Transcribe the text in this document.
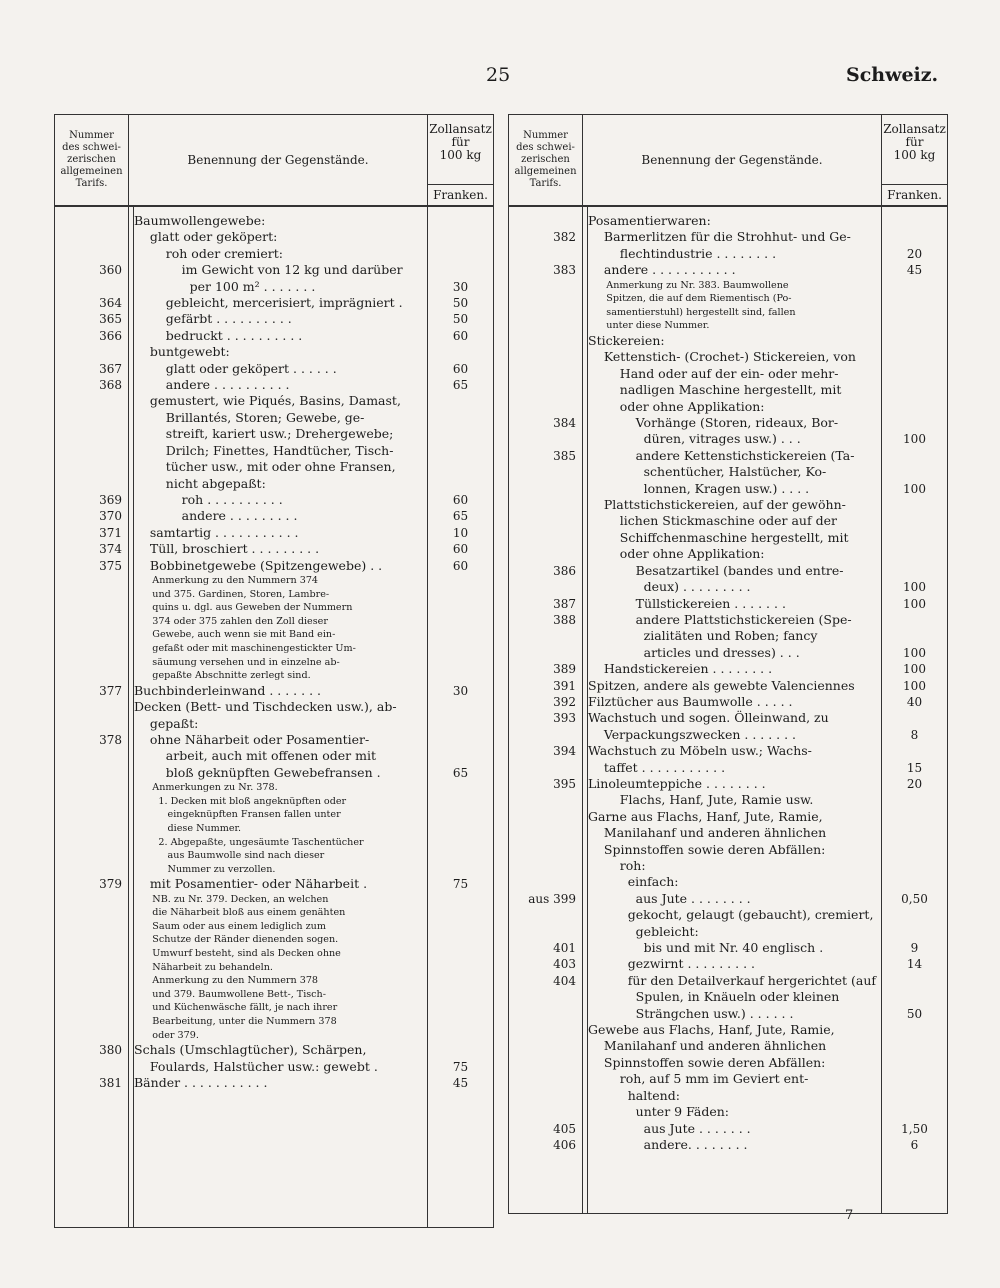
25	Schweiz.
Nummer
des schwei-
zerischen
allgemeinen
Tarifs.
Benennung der Gegenstände.
Zollansatz
für
100 kg
Franken.
Baumwollengewebe:
glatt oder geköpert:
roh oder cremiert:
360 im Gewicht von 12 kg und darüber
per 100 m² . . . . . . .	30
364 gebleicht, mercerisiert, imprägniert .	50
365 gefärbt . . . . . . . . . .	50
366 bedruckt . . . . . . . . . .	60
buntgewebt:
367 glatt oder geköpert . . . . . .	60
368 andere . . . . . . . . . .	65
gemustert, wie Piqués, Basins, Damast,
Brillantés, Storen; Gewebe, ge-
streift, kariert usw.; Drehergewebe;
Drilch; Finettes, Handtücher, Tisch-
tücher usw., mit oder ohne Fransen,
nicht abgepaßt:
369 roh . . . . . . . . . .	60
370 andere . . . . . . . . .	65
371 samtartig . . . . . . . . . . .	10
374 Tüll, broschiert . . . . . . . . .	60
375 Bobbinetgewebe (Spitzengewebe) . .	60
Anmerkung zu den Nummern 374
und 375. Gardinen, Storen, Lambre-
quins u. dgl. aus Geweben der Nummern
374 oder 375 zahlen den Zoll dieser
Gewebe, auch wenn sie mit Band ein-
gefaßt oder mit maschinengestickter Um-
säumung versehen und in einzelne ab-
gepaßte Abschnitte zerlegt sind.
377 Buchbinderleinwand . . . . . . .	30
Decken (Bett- und Tischdecken usw.), ab-
gepaßt:
378 ohne Näharbeit oder Posamentier-
arbeit, auch mit offenen oder mit
bloß geknüpften Gewebefransen .	65
Anmerkungen zu Nr. 378.
1. Decken mit bloß angeknüpften oder
eingeknüpften Fransen fallen unter
diese Nummer.
2. Abgepaßte, ungesäumte Taschentücher
aus Baumwolle sind nach dieser
Nummer zu verzollen.
379 mit Posamentier- oder Näharbeit .	75
NB. zu Nr. 379. Decken, an welchen
die Näharbeit bloß aus einem genähten
Saum oder aus einem lediglich zum
Schutze der Ränder dienenden sogen.
Umwurf besteht, sind als Decken ohne
Näharbeit zu behandeln.
Anmerkung zu den Nummern 378
und 379. Baumwollene Bett-, Tisch-
und Küchenwäsche fällt, je nach ihrer
Bearbeitung, unter die Nummern 378
oder 379.
380 Schals (Umschlagtücher), Schärpen,
Foulards, Halstücher usw.: gewebt .	75
381 Bänder . . . . . . . . . . .	45
Nummer
des schwei-
zerischen
allgemeinen
Tarifs.
Benennung der Gegenstände.
Zollansatz
für
100 kg
Franken.
Posamentierwaren:
382 Barmerlitzen für die Strohhut- und Ge-
flechtindustrie . . . . . . . .	20
383 andere . . . . . . . . . . .	45
Anmerkung zu Nr. 383. Baumwollene
Spitzen, die auf dem Riementisch (Po-
samentierstuhl) hergestellt sind, fallen
unter diese Nummer.
Stickereien:
Kettenstich- (Crochet-) Stickereien, von
Hand oder auf der ein- oder mehr-
nadligen Maschine hergestellt, mit
oder ohne Applikation:
384 Vorhänge (Storen, rideaux, Bor-
düren, vitrages usw.) . . .	100
385 andere Kettenstichstickereien (Ta-
schentücher, Halstücher, Ko-
lonnen, Kragen usw.) . . . .	100
Plattstichstickereien, auf der gewöhn-
lichen Stickmaschine oder auf der
Schiffchenmaschine hergestellt, mit
oder ohne Applikation:
386 Besatzartikel (bandes und entre-
deux) . . . . . . . . .	100
387 Tüllstickereien . . . . . . .	100
388 andere Plattstichstickereien (Spe-
zialitäten und Roben; fancy
articles und dresses) . . .	100
389 Handstickereien . . . . . . . .	100
391 Spitzen, andere als gewebte Valenciennes	100
392 Filztücher aus Baumwolle . . . . .	40
393 Wachstuch und sogen. Ölleinwand, zu
Verpackungszwecken . . . . . . .	8
394 Wachstuch zu Möbeln usw.; Wachs-
taffet . . . . . . . . . . .	15
395 Linoleumteppiche . . . . . . . .	20
Flachs, Hanf, Jute, Ramie usw.
Garne aus Flachs, Hanf, Jute, Ramie,
Manilahanf und anderen ähnlichen
Spinnstoffen sowie deren Abfällen:
roh:
einfach:
aus 399 aus Jute . . . . . . . .	0,50
gekocht, gelaugt (gebaucht), cremiert,
gebleicht:
401 bis und mit Nr. 40 englisch .	9
403 gezwirnt . . . . . . . . .	14
404 für den Detailverkauf hergerichtet (auf
Spulen, in Knäueln oder kleinen
Strängchen usw.) . . . . . .	50
Gewebe aus Flachs, Hanf, Jute, Ramie,
Manilahanf und anderen ähnlichen
Spinnstoffen sowie deren Abfällen:
roh, auf 5 mm im Geviert ent-
haltend:
unter 9 Fäden:
405 aus Jute . . . . . . .	1,50
406 andere. . . . . . . .	6
7
